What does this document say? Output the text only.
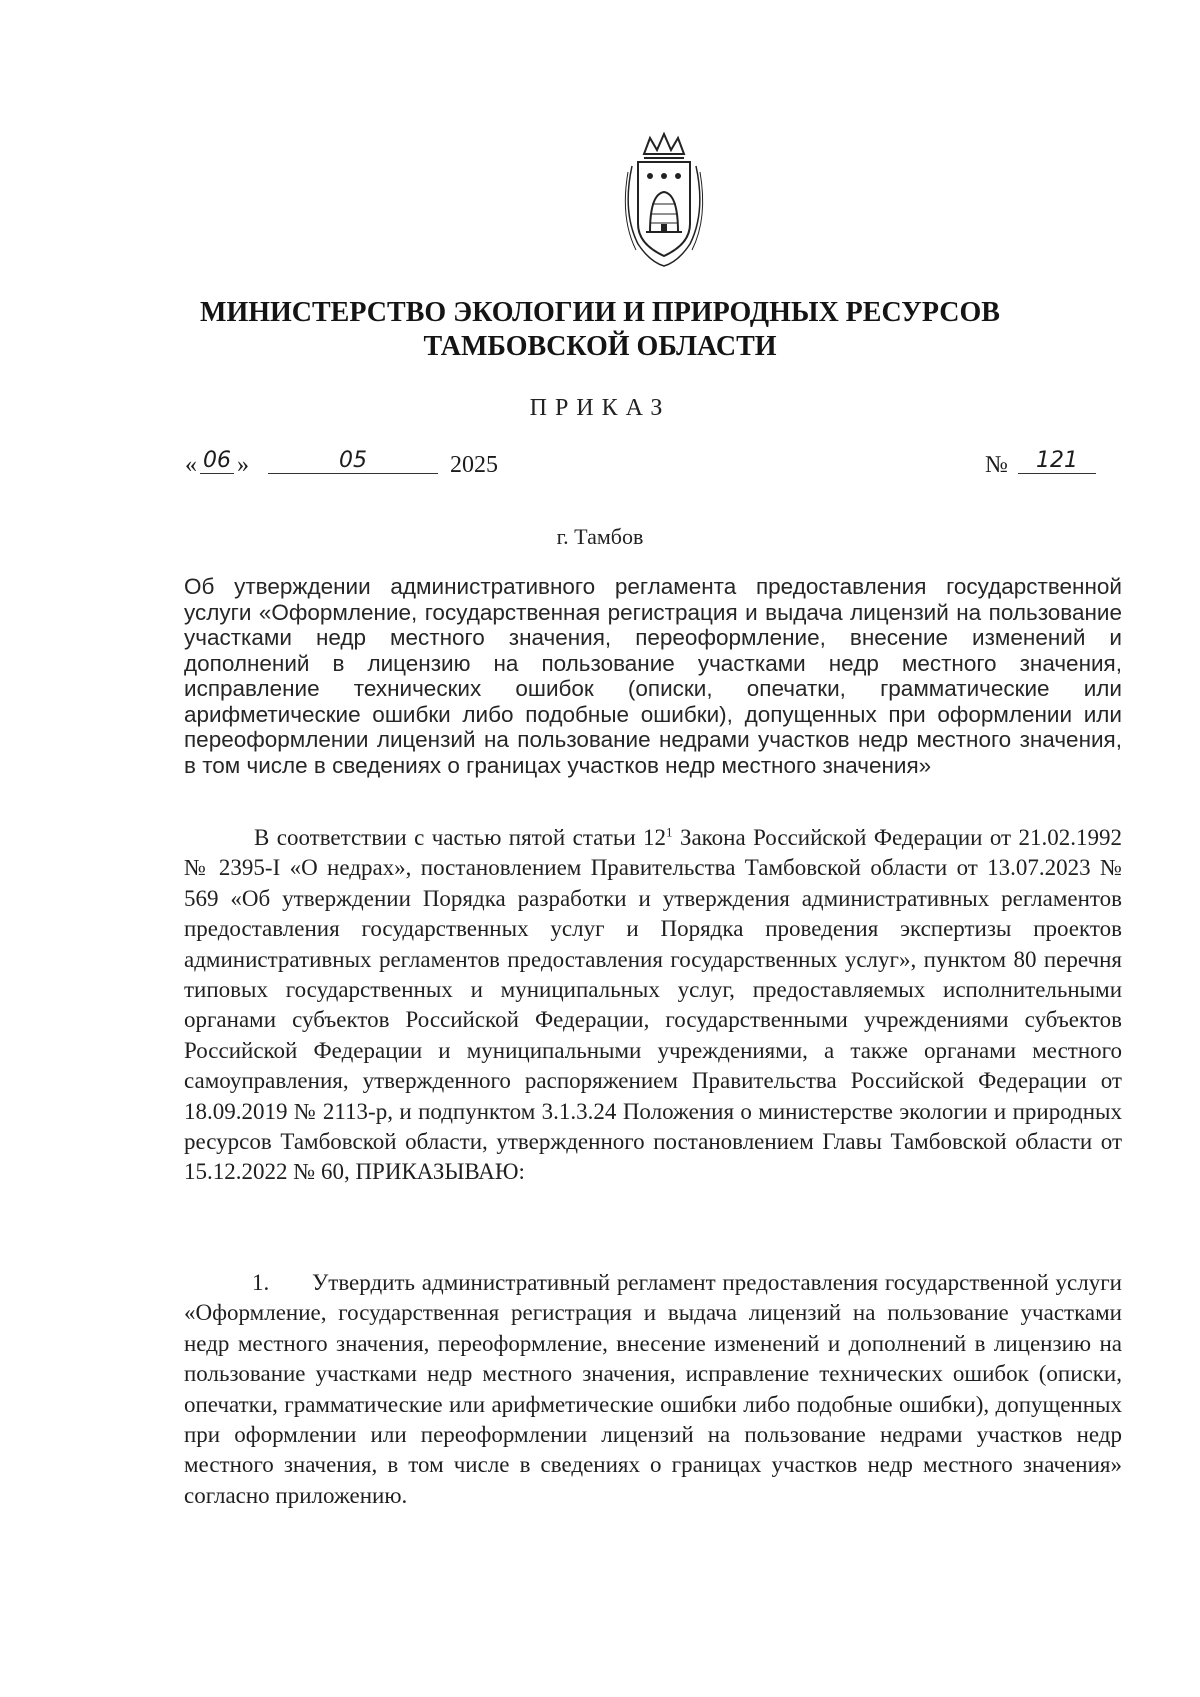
МИНИСТЕРСТВО ЭКОЛОГИИ И ПРИРОДНЫХ РЕСУРСОВ
ТАМБОВСКОЙ ОБЛАСТИ
ПРИКАЗ
« 06 »	05	2025	№	121
г. Тамбов
Об утверждении административного регламента предоставления государственной услуги «Оформление, государственная регистрация и выдача лицензий на пользование участками недр местного значения, переоформление, внесение изменений и дополнений в лицензию на пользование участками недр местного значения, исправление технических ошибок (описки, опечатки, грамматические или арифметические ошибки либо подобные ошибки), допущенных при оформлении или переоформлении лицензий на пользование недрами участков недр местного значения, в том числе в сведениях о границах участков недр местного значения»
В соответствии с частью пятой статьи $12^1$ Закона Российской Федерации от 21.02.1992 № 2395-I «О недрах», постановлением Правительства Тамбовской области от 13.07.2023 № 569 «Об утверждении Порядка разработки и утверждения административных регламентов предоставления государственных услуг и Порядка проведения экспертизы проектов административных регламентов предоставления государственных услуг», пунктом 80 перечня типовых государственных и муниципальных услуг, предоставляемых исполнительными органами субъектов Российской Федерации, государственными учреждениями субъектов Российской Федерации и муниципальными учреждениями, а также органами местного самоуправления, утвержденного распоряжением Правительства Российской Федерации от 18.09.2019 № 2113-р, и подпунктом 3.1.3.24 Положения о министерстве экологии и природных ресурсов Тамбовской области, утвержденного постановлением Главы Тамбовской области от 15.12.2022 № 60, ПРИКАЗЫВАЮ:
1. Утвердить административный регламент предоставления государственной услуги «Оформление, государственная регистрация и выдача лицензий на пользование участками недр местного значения, переоформление, внесение изменений и дополнений в лицензию на пользование участками недр местного значения, исправление технических ошибок (описки, опечатки, грамматические или арифметические ошибки либо подобные ошибки), допущенных при оформлении или переоформлении лицензий на пользование недрами участков недр местного значения, в том числе в сведениях о границах участков недр местного значения» согласно приложению.
